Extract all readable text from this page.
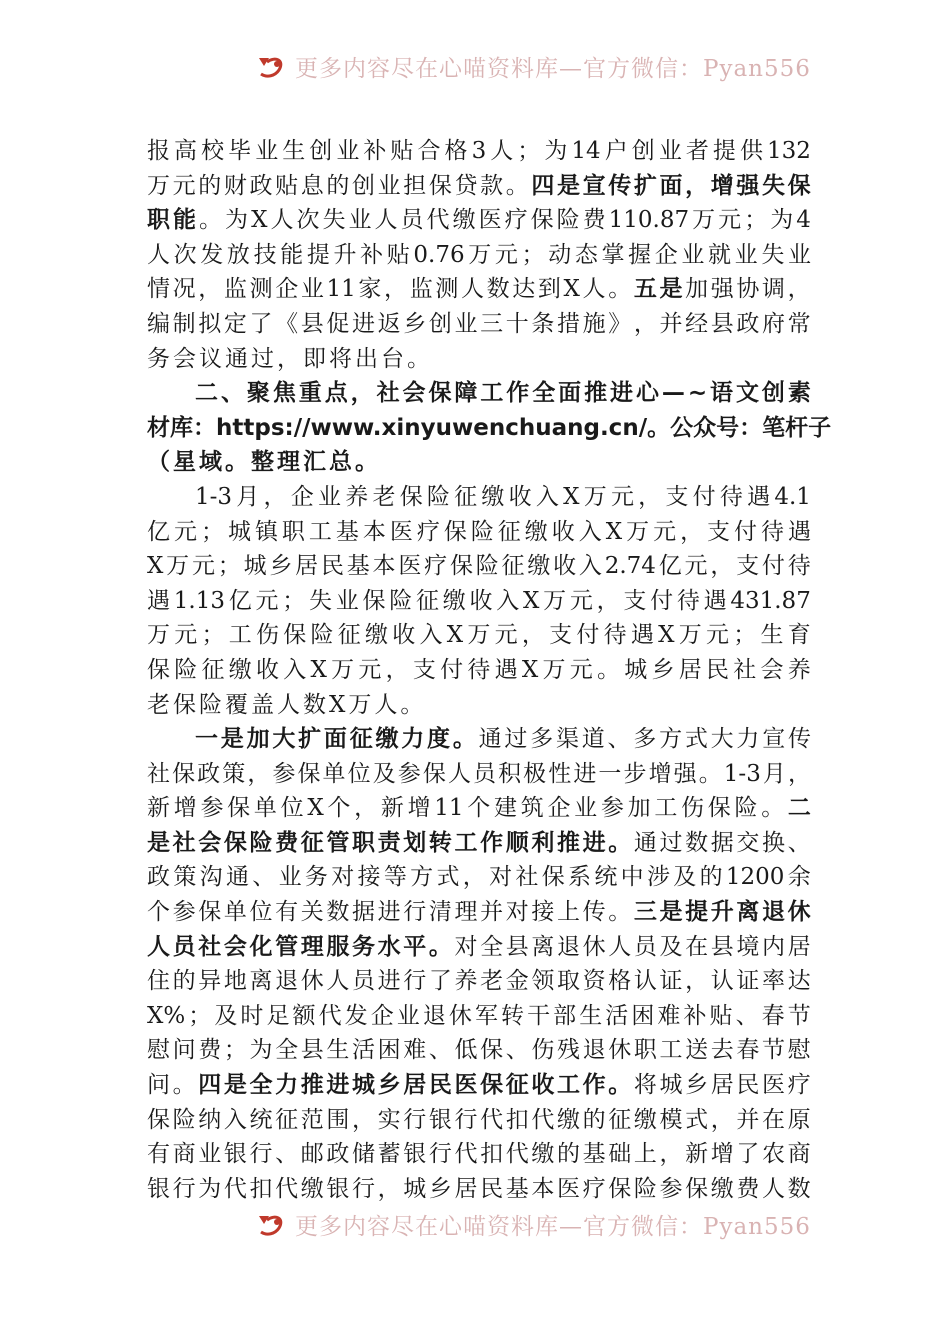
更多内容尽在心喵资料库—官方微信：Pyan556
报 高 校 毕 业 生 创 业 补 贴 合 格 3 人 ； 为 14 户 创 业 者 提 供 132
万 元 的 财 政 贴 息 的 创 业 担 保 贷 款 。 四 是 宣 传 扩 面 ， 增 强 失 保
职 能 。 为 X 人 次 失 业 人 员 代 缴 医 疗 保 险 费 110.87 万 元 ； 为 4
人 次 发 放 技 能 提 升 补 贴 0.76 万 元 ； 动 态 掌 握 企 业 就 业 失 业
情 况 ， 监 测 企 业 11 家 ， 监 测 人 数 达 到 X 人 。 五 是 加 强 协 调 ，
编 制 拟 定 了 《 县 促 进 返 乡 创 业 三 十 条 措 施 》 ， 并 经 县 政 府 常
务 会 议 通 过 ， 即 将 出 台 。
二 、 聚 焦 重 点 ， 社 会 保 障 工 作 全 面 推 进 心 — ~ 语 文 创 素
材 库 ： https://www.xinyuwenchuang.cn/ 。 公 众 号 ： 笔 杆 子
（ 星 域 。 整 理 汇 总 。
1-3 月 ， 企 业 养 老 保 险 征 缴 收 入 X 万 元 ， 支 付 待 遇 4.1
亿 元 ； 城 镇 职 工 基 本 医 疗 保 险 征 缴 收 入 X 万 元 ， 支 付 待 遇
X 万 元 ； 城 乡 居 民 基 本 医 疗 保 险 征 缴 收 入 2.74 亿 元 ， 支 付 待
遇 1.13 亿 元 ； 失 业 保 险 征 缴 收 入 X 万 元 ， 支 付 待 遇 431.87
万 元 ； 工 伤 保 险 征 缴 收 入 X 万 元 ， 支 付 待 遇 X 万 元 ； 生 育
保 险 征 缴 收 入 X 万 元 ， 支 付 待 遇 X 万 元 。 城 乡 居 民 社 会 养
老 保 险 覆 盖 人 数 X 万 人 。
一 是 加 大 扩 面 征 缴 力 度 。 通 过 多 渠 道 、 多 方 式 大 力 宣 传
社 保 政 策 ， 参 保 单 位 及 参 保 人 员 积 极 性 进 一 步 增 强 。 1-3 月 ，
新 增 参 保 单 位 X 个 ， 新 增 11 个 建 筑 企 业 参 加 工 伤 保 险 。 二
是 社 会 保 险 费 征 管 职 责 划 转 工 作 顺 利 推 进 。 通 过 数 据 交 换 、
政 策 沟 通 、 业 务 对 接 等 方 式 ， 对 社 保 系 统 中 涉 及 的 1200 余
个 参 保 单 位 有 关 数 据 进 行 清 理 并 对 接 上 传 。 三 是 提 升 离 退 休
人 员 社 会 化 管 理 服 务 水 平 。 对 全 县 离 退 休 人 员 及 在 县 境 内 居
住 的 异 地 离 退 休 人 员 进 行 了 养 老 金 领 取 资 格 认 证 ， 认 证 率 达
X% ； 及 时 足 额 代 发 企 业 退 休 军 转 干 部 生 活 困 难 补 贴 、 春 节
慰 问 费 ； 为 全 县 生 活 困 难 、 低 保 、 伤 残 退 休 职 工 送 去 春 节 慰
问 。 四 是 全 力 推 进 城 乡 居 民 医 保 征 收 工 作 。 将 城 乡 居 民 医 疗
保 险 纳 入 统 征 范 围 ， 实 行 银 行 代 扣 代 缴 的 征 缴 模 式 ， 并 在 原
有 商 业 银 行 、 邮 政 储 蓄 银 行 代 扣 代 缴 的 基 础 上 ， 新 增 了 农 商
银 行 为 代 扣 代 缴 银 行 ， 城 乡 居 民 基 本 医 疗 保 险 参 保 缴 费 人 数
更多内容尽在心喵资料库—官方微信：Pyan556
